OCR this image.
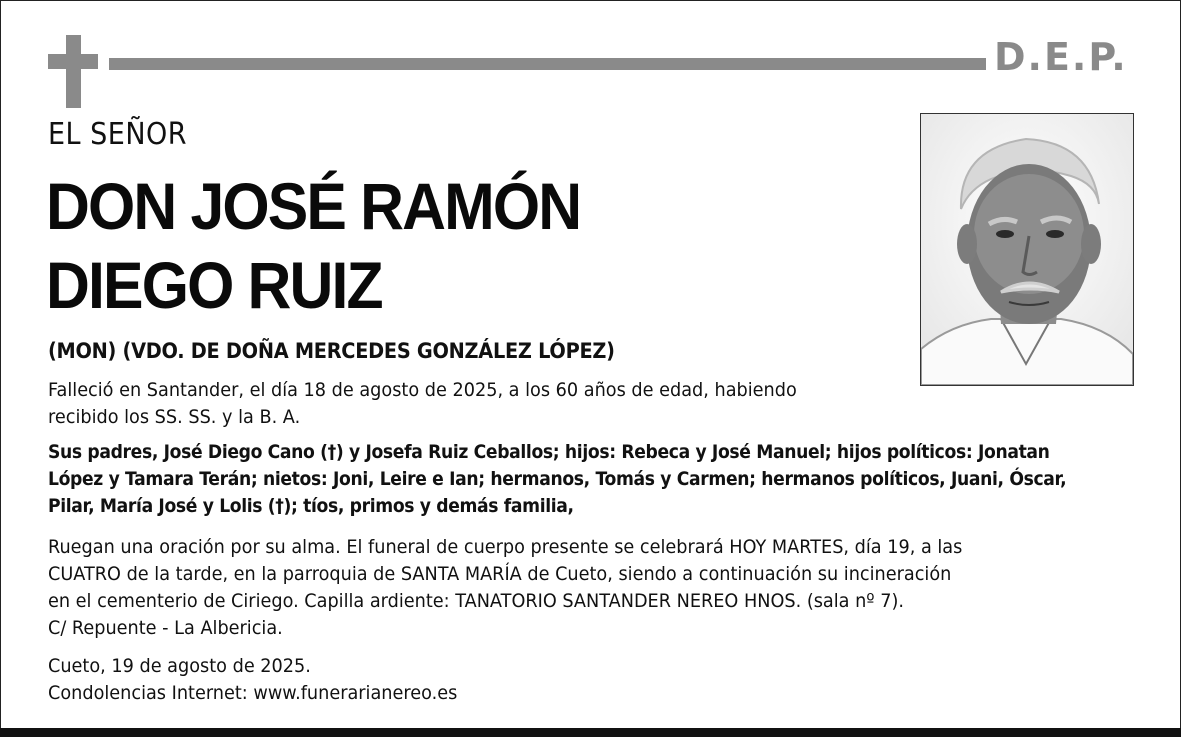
D.E.P.
EL SEÑOR
DON JOSÉ RAMÓN
DIEGO RUIZ
(MON) (VDO. DE DOÑA MERCEDES GONZÁLEZ LÓPEZ)
Falleció en Santander, el día 18 de agosto de 2025, a los 60 años de edad, habiendo
recibido los SS. SS. y la B. A.
Sus padres, José Diego Cano (†) y Josefa Ruiz Ceballos; hijos: Rebeca y José Manuel; hijos políticos: Jonatan
López y Tamara Terán; nietos: Joni, Leire e Ian; hermanos, Tomás y Carmen; hermanos políticos, Juani, Óscar,
Pilar, María José y Lolis (†); tíos, primos y demás familia,
Ruegan una oración por su alma. El funeral de cuerpo presente se celebrará HOY MARTES, día 19, a las
CUATRO de la tarde, en la parroquia de SANTA MARÍA de Cueto, siendo a continuación su incineración
en el cementerio de Ciriego. Capilla ardiente: TANATORIO SANTANDER NEREO HNOS. (sala nº 7).
C/ Repuente - La Albericia.
Cueto, 19 de agosto de 2025.
Condolencias Internet: www.funerarianereo.es
